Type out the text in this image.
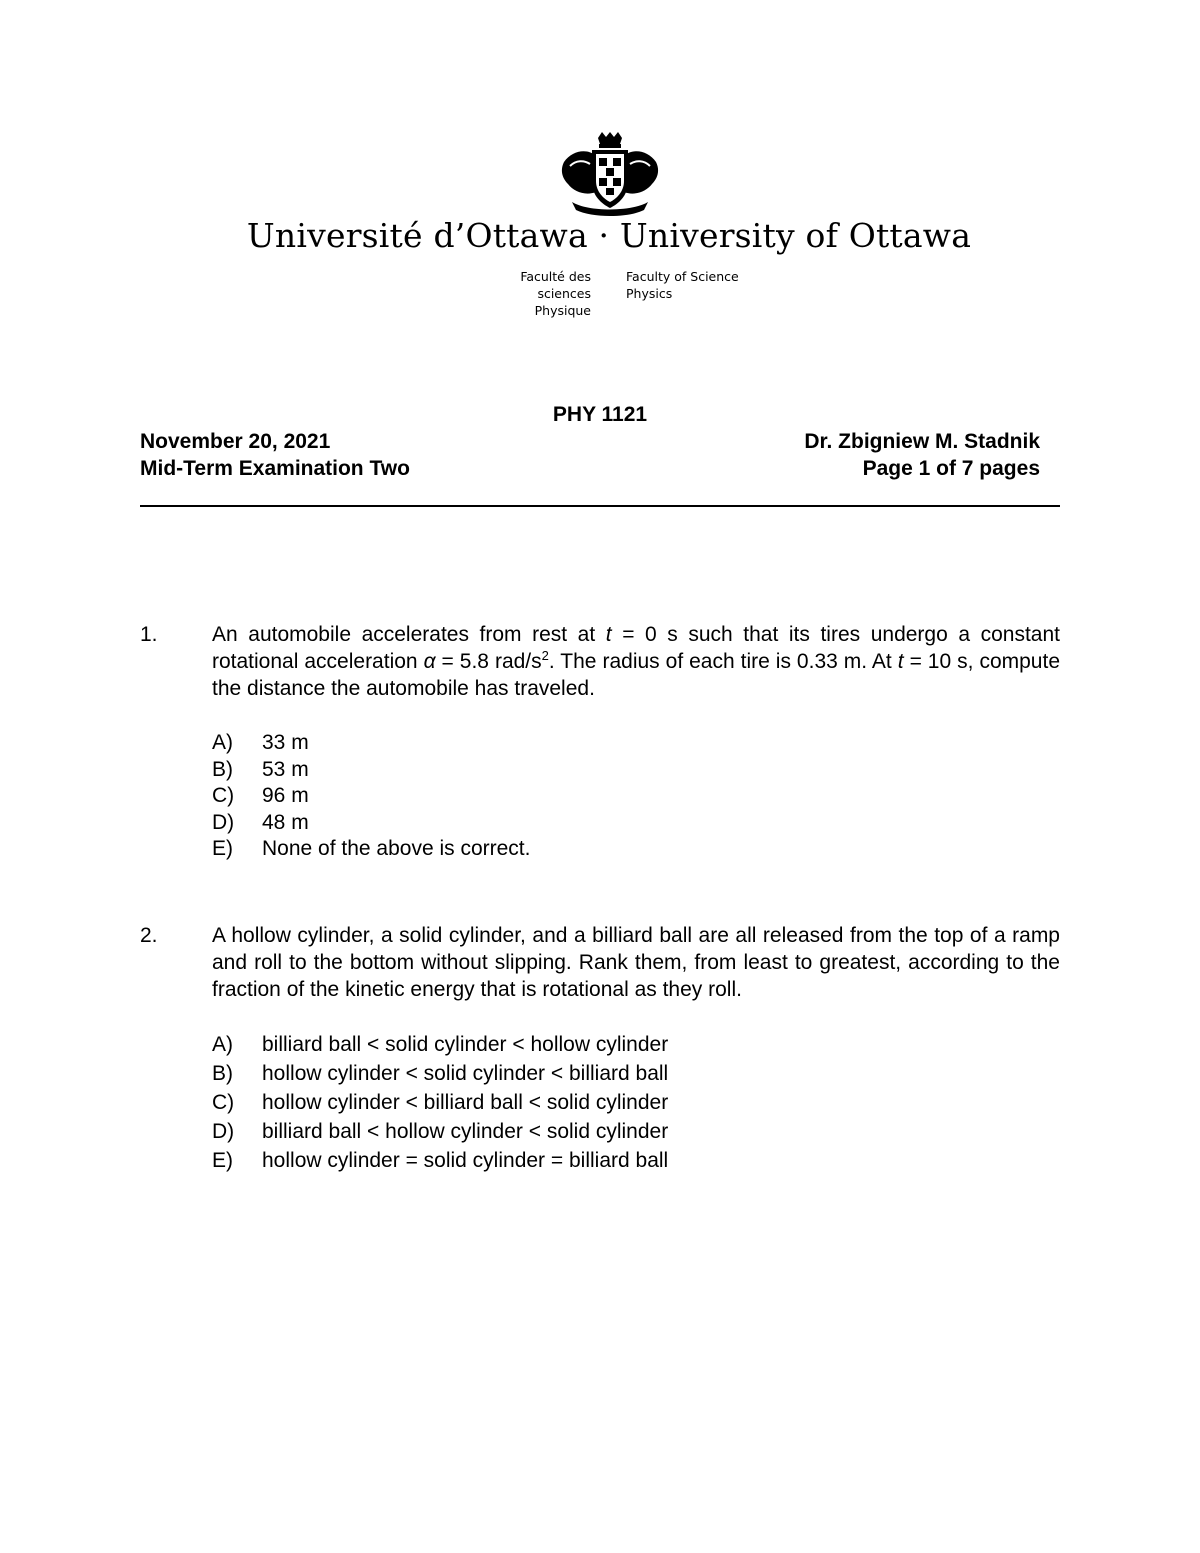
Université d’Ottawa · University of Ottawa
Faculté des sciences
Physique
Faculty of Science
Physics
PHY 1121
November 20, 2021	Dr. Zbigniew M. Stadnik
Mid-Term Examination Two	Page 1 of 7 pages
1.	An automobile accelerates from rest at t = 0 s such that its tires undergo a constant rotational acceleration α = 5.8 rad/$s^2$. The radius of each tire is 0.33 m. At t = 10 s, compute the distance the automobile has traveled.
A) 33 m
B) 53 m
C) 96 m
D) 48 m
E) None of the above is correct.
2.	A hollow cylinder, a solid cylinder, and a billiard ball are all released from the top of a ramp and roll to the bottom without slipping. Rank them, from least to greatest, according to the fraction of the kinetic energy that is rotational as they roll.
A) billiard ball < solid cylinder < hollow cylinder
B) hollow cylinder < solid cylinder < billiard ball
C) hollow cylinder < billiard ball < solid cylinder
D) billiard ball < hollow cylinder < solid cylinder
E) hollow cylinder = solid cylinder = billiard ball
